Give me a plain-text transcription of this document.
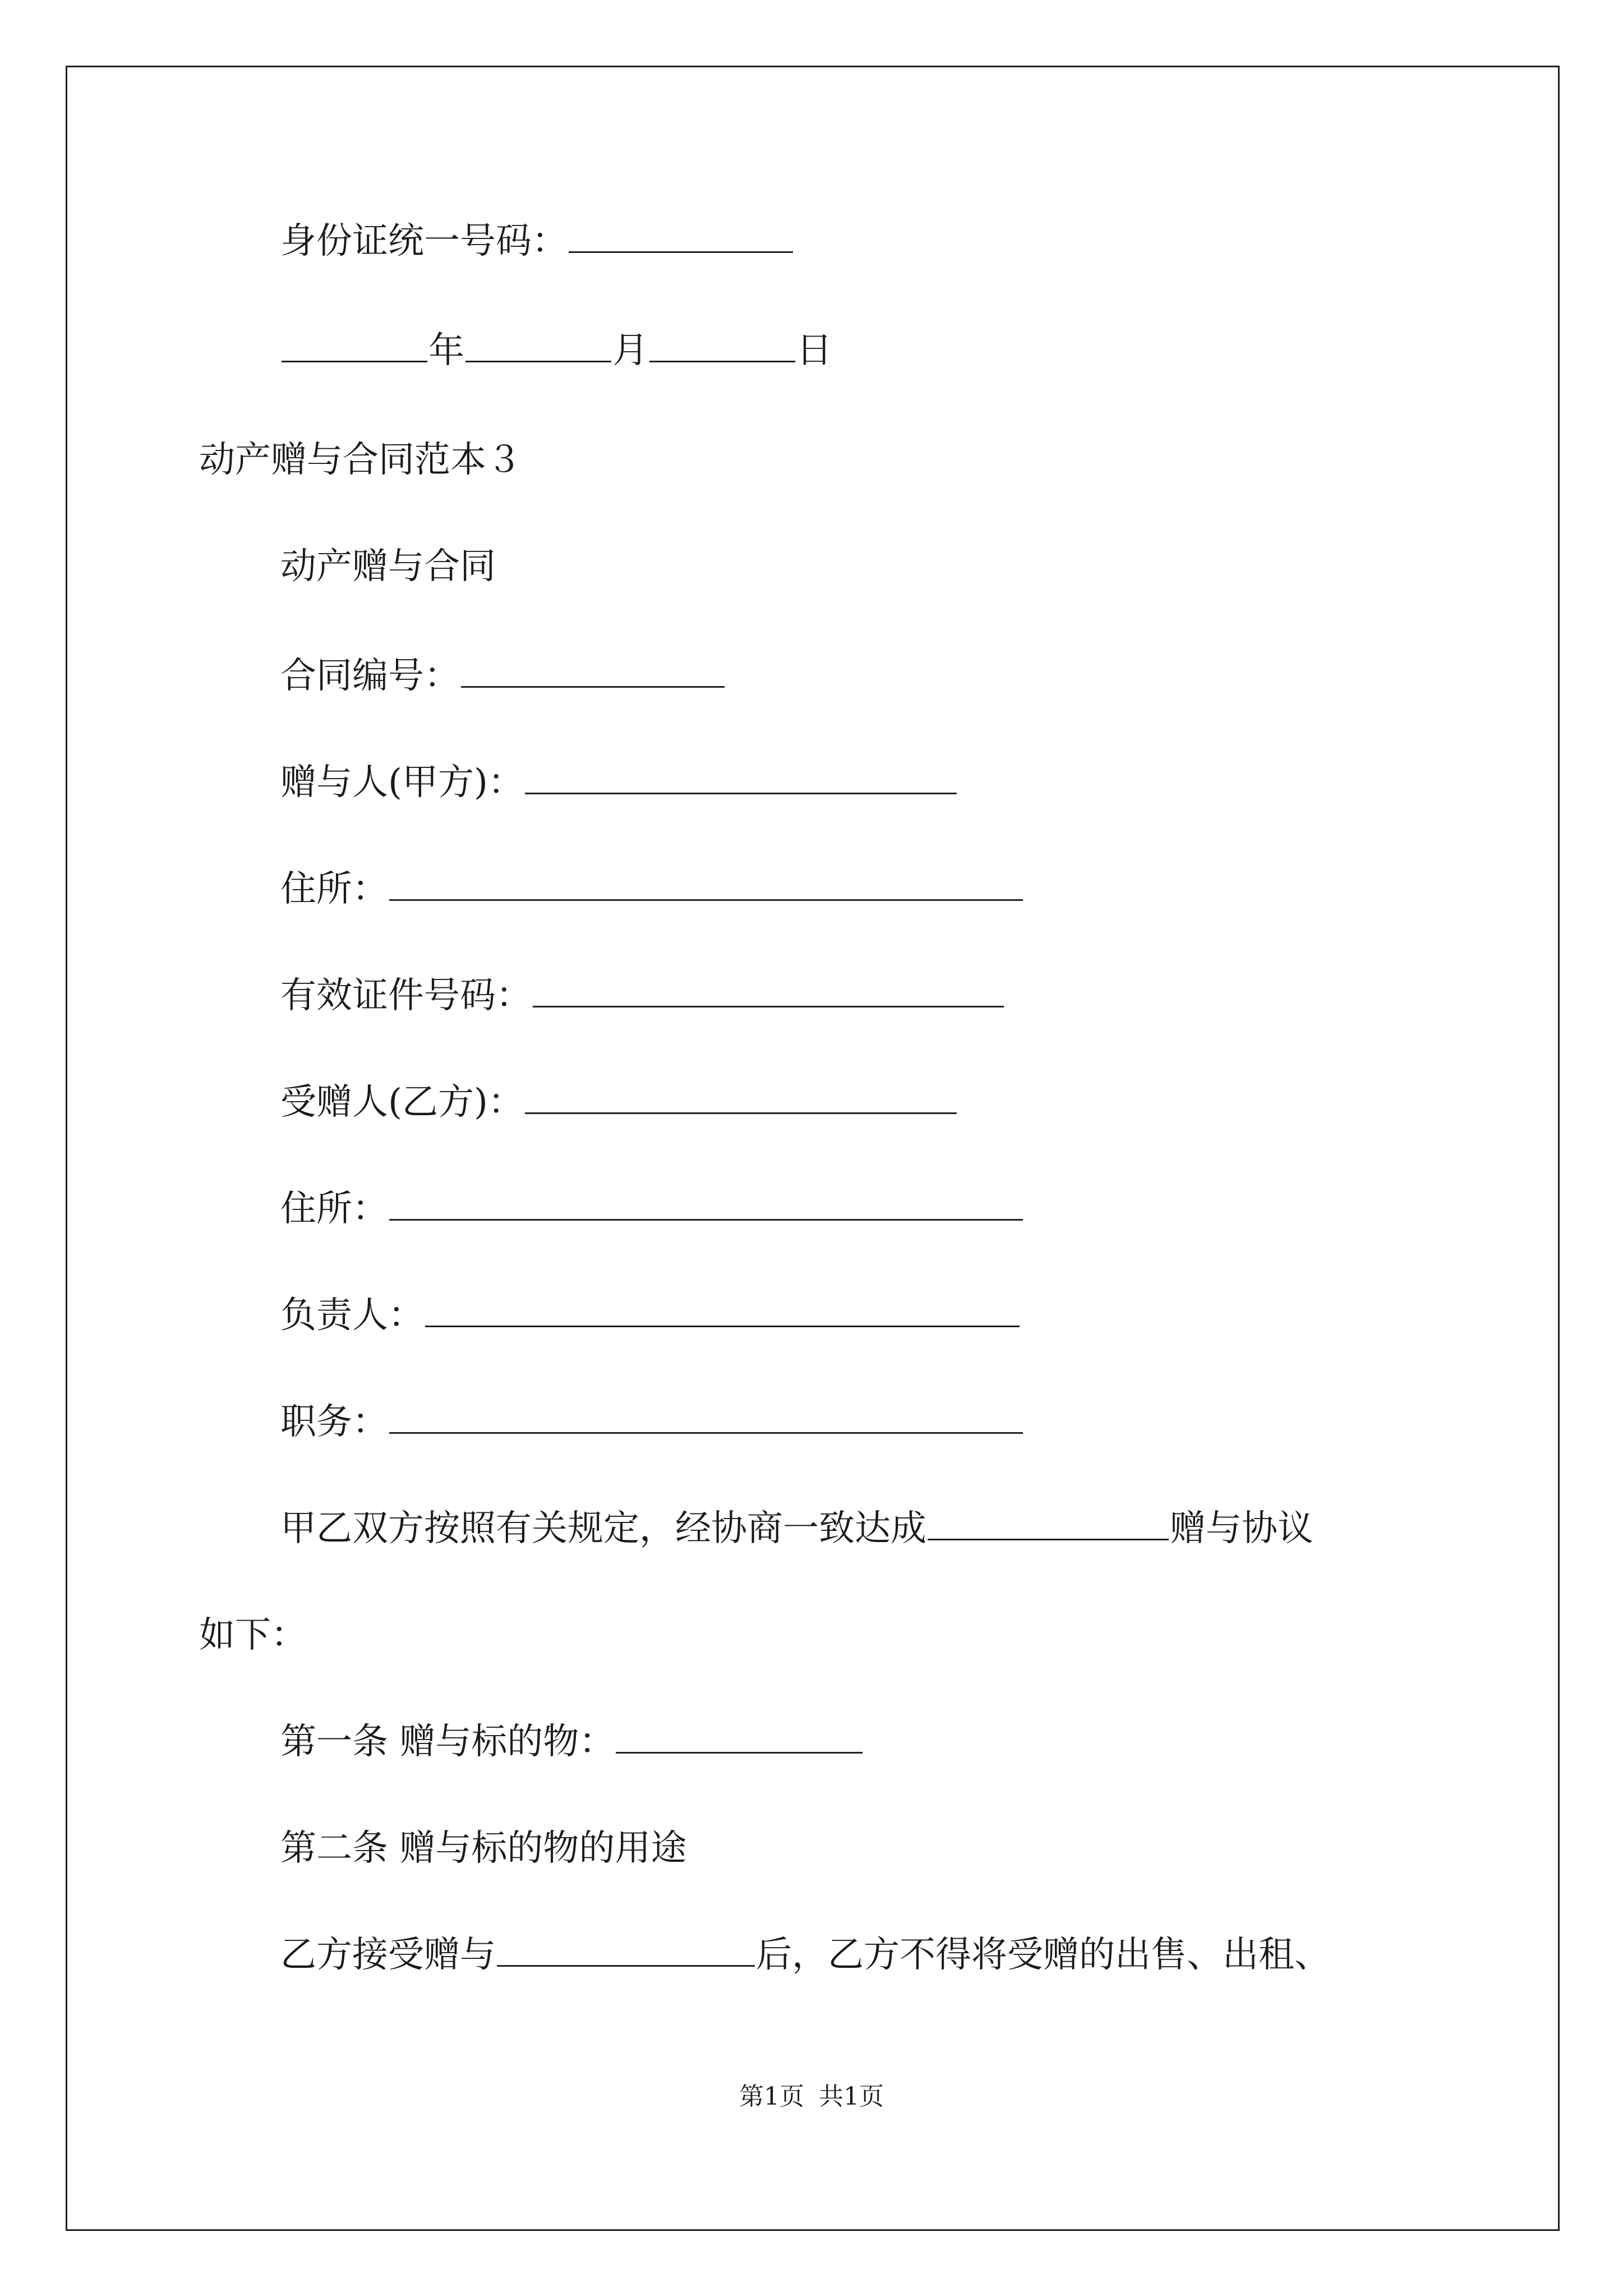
身份证统一号码：
年	月	日
动产赠与合同范本３
动产赠与合同
合同编号：
赠与人(甲方)：
住所：
有效证件号码：
受赠人(乙方)：
住所：
负责人：
职务：
甲乙双方按照有关规定，经协商一致达成	赠与协议
如下：
第一条 赠与标的物：
第二条 赠与标的物的用途
乙方接受赠与	后，乙方不得将受赠的出售、出租、
第1页 共1页
